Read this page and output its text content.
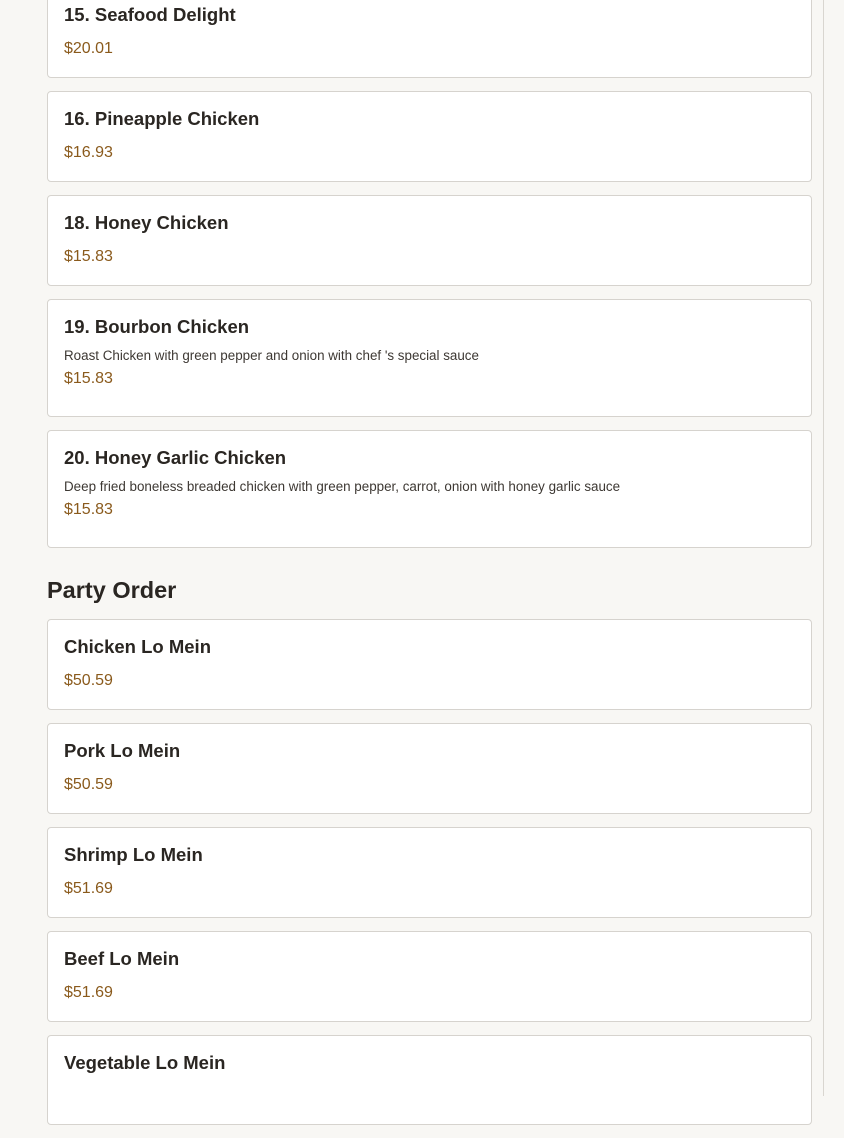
15. Seafood Delight
$20.01
16. Pineapple Chicken
$16.93
18. Honey Chicken
$15.83
19. Bourbon Chicken
Roast Chicken with green pepper and onion with chef 's special sauce
$15.83
20. Honey Garlic Chicken
Deep fried boneless breaded chicken with green pepper, carrot, onion with honey garlic sauce
$15.83
Party Order
Chicken Lo Mein
$50.59
Pork Lo Mein
$50.59
Shrimp Lo Mein
$51.69
Beef Lo Mein
$51.69
Vegetable Lo Mein
